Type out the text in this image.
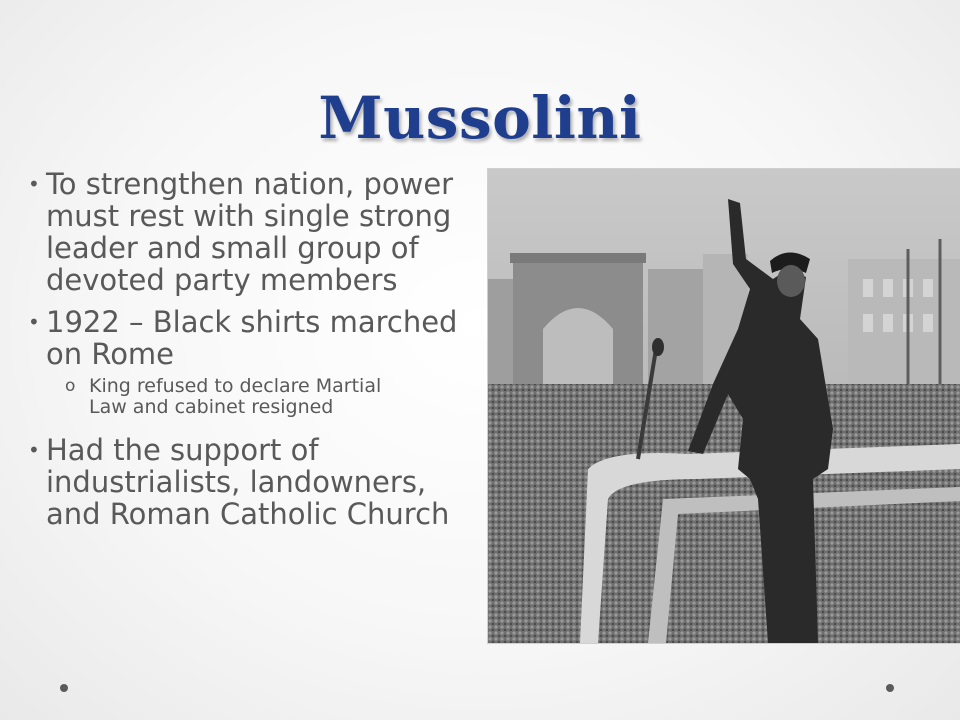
Mussolini
• To strengthen nation, power must rest with single strong leader and small group of devoted party members
• 1922 – Black shirts marched on Rome
o King refused to declare Martial Law and cabinet resigned
• Had the support of industrialists, landowners, and Roman Catholic Church
